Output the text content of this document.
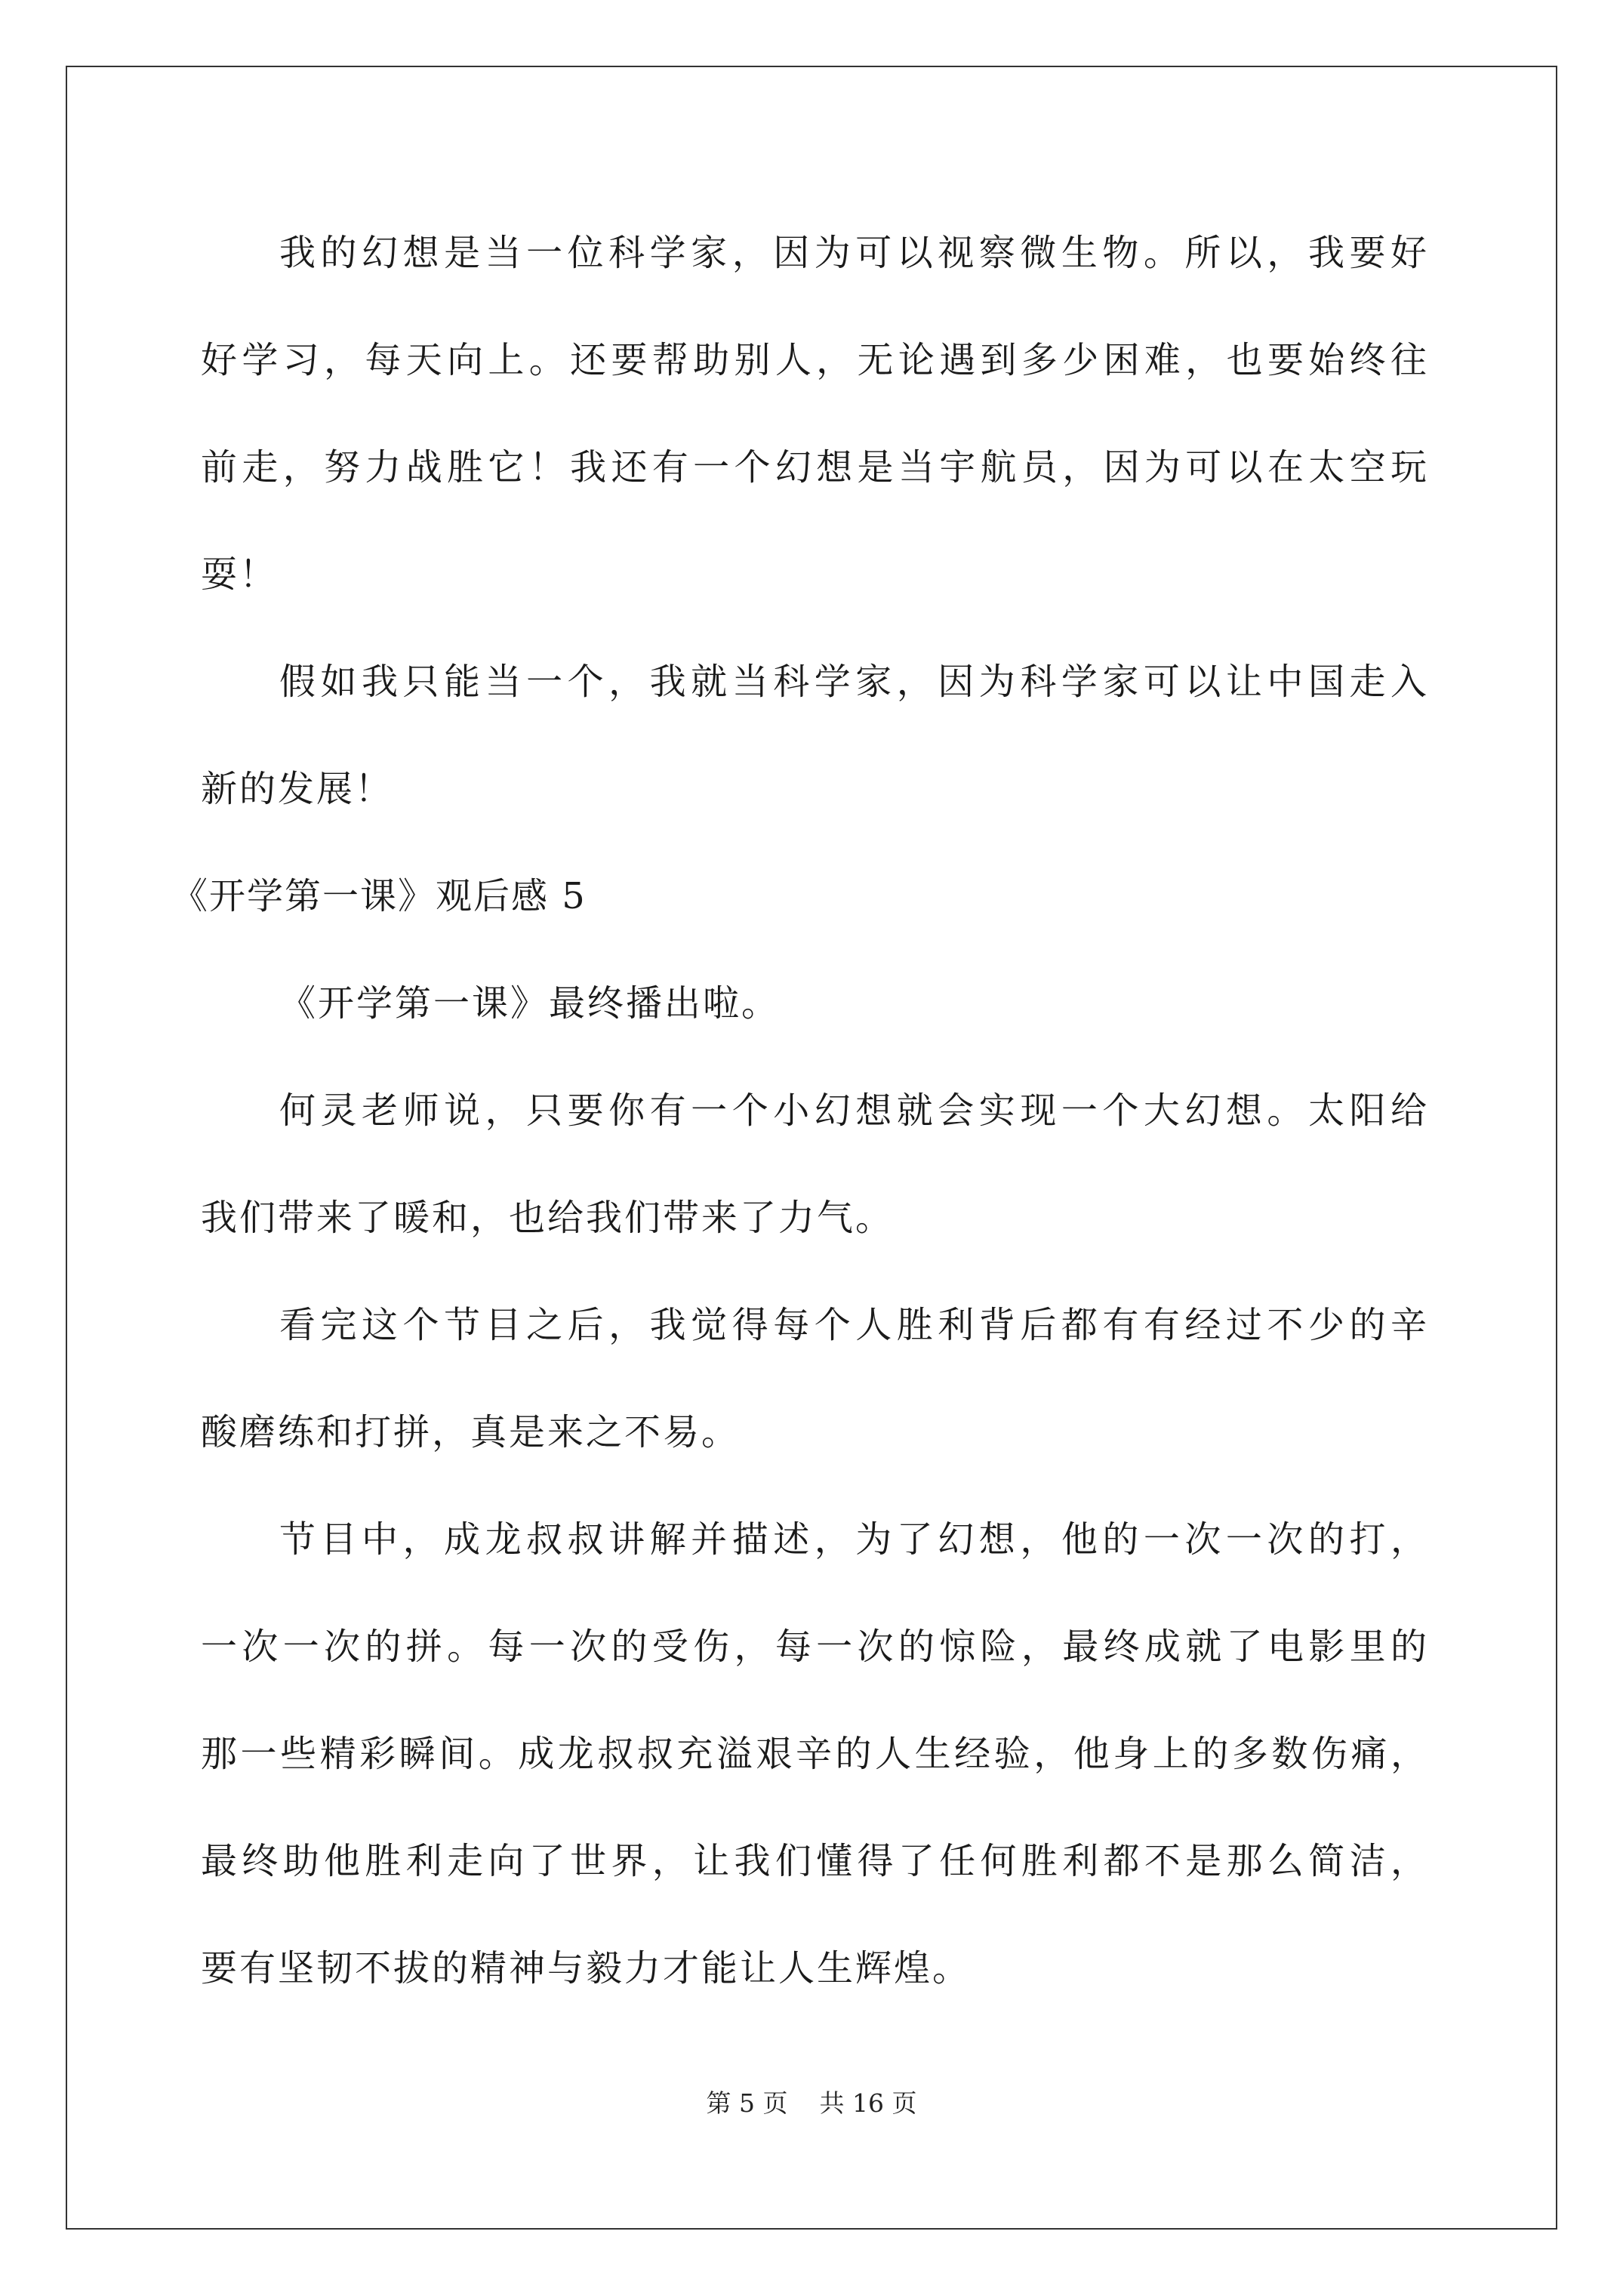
我的幻想是当一位科学家，因为可以视察微生物。所以，我要好
好学习，每天向上。还要帮助别人，无论遇到多少困难，也要始终往
前走，努力战胜它！我还有一个幻想是当宇航员，因为可以在太空玩
耍！
假如我只能当一个，我就当科学家，因为科学家可以让中国走入
新的发展！
《开学第一课》观后感 5
《开学第一课》最终播出啦。
何灵老师说，只要你有一个小幻想就会实现一个大幻想。太阳给
我们带来了暖和，也给我们带来了力气。
看完这个节目之后，我觉得每个人胜利背后都有有经过不少的辛
酸磨练和打拼，真是来之不易。
节目中，成龙叔叔讲解并描述，为了幻想，他的一次一次的打，
一次一次的拼。每一次的受伤，每一次的惊险，最终成就了电影里的
那一些精彩瞬间。成龙叔叔充溢艰辛的人生经验，他身上的多数伤痛，
最终助他胜利走向了世界，让我们懂得了任何胜利都不是那么简洁，
要有坚韧不拔的精神与毅力才能让人生辉煌。
第 5 页    共 16 页
